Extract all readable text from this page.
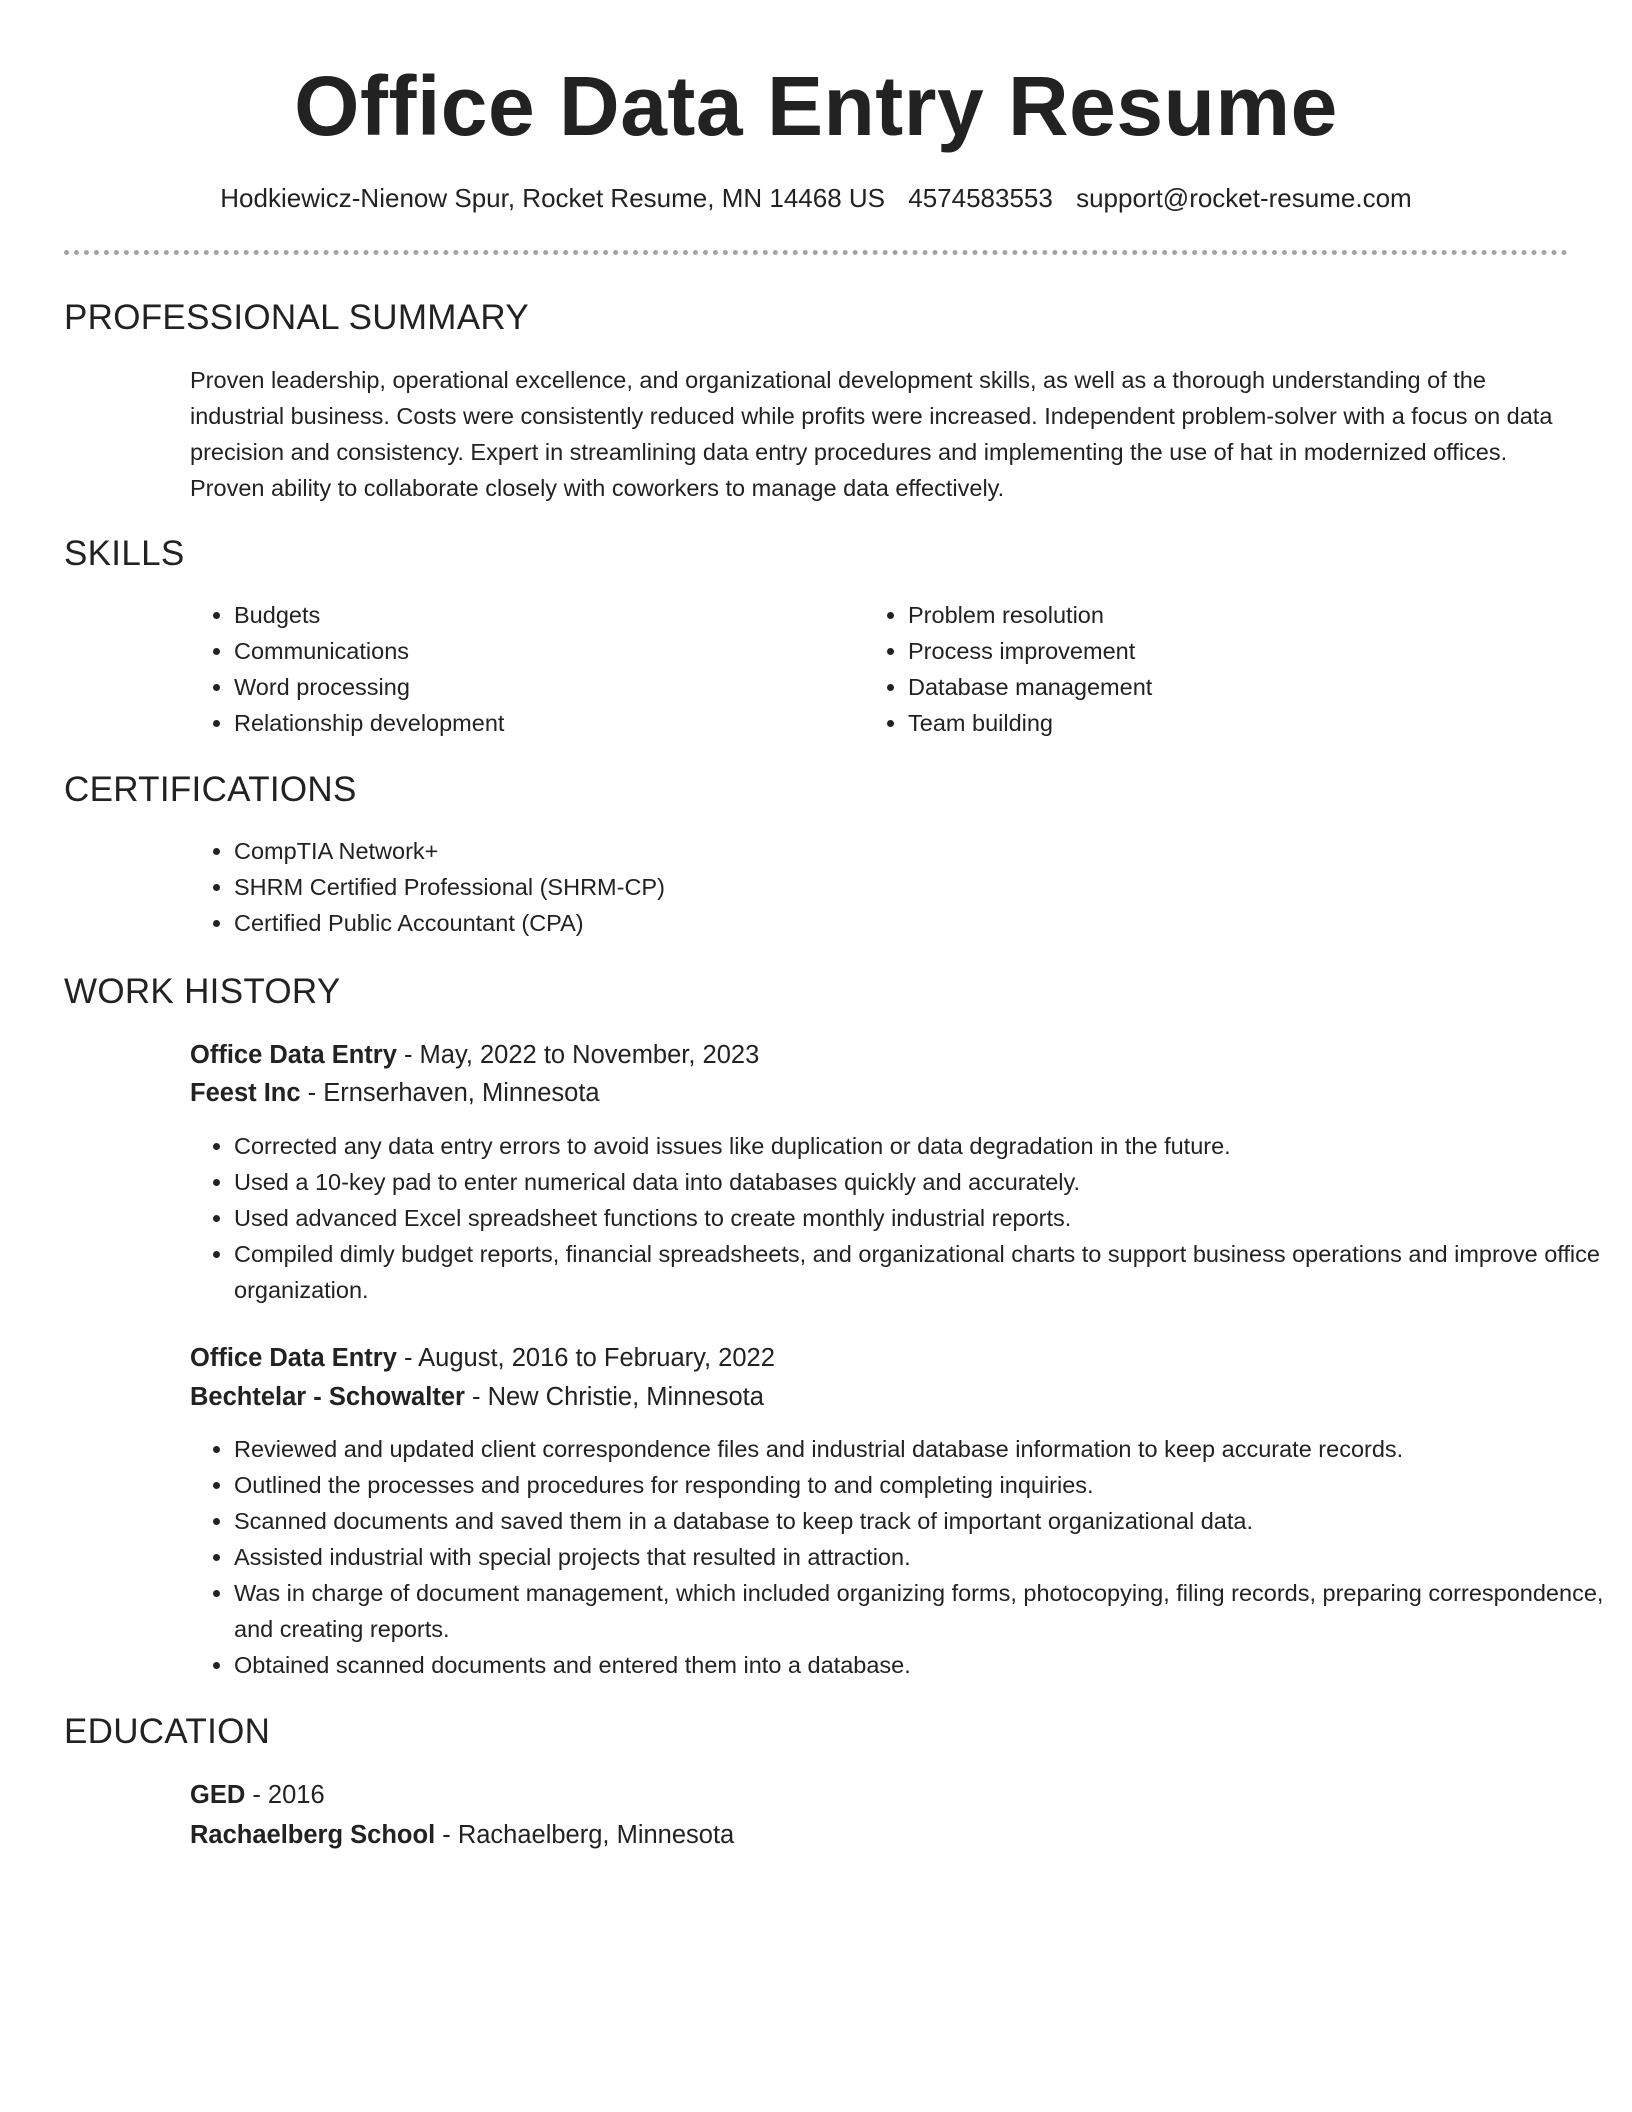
Office Data Entry Resume
Hodkiewicz-Nienow Spur, Rocket Resume, MN 14468 US 4574583553 support@rocket-resume.com
PROFESSIONAL SUMMARY
Proven leadership, operational excellence, and organizational development skills, as well as a thorough understanding of the industrial business. Costs were consistently reduced while profits were increased. Independent problem-solver with a focus on data precision and consistency. Expert in streamlining data entry procedures and implementing the use of hat in modernized offices. Proven ability to collaborate closely with coworkers to manage data effectively.
SKILLS
• Budgets
• Communications
• Word processing
• Relationship development
• Problem resolution
• Process improvement
• Database management
• Team building
CERTIFICATIONS
• CompTIA Network+
• SHRM Certified Professional (SHRM-CP)
• Certified Public Accountant (CPA)
WORK HISTORY
Office Data Entry - May, 2022 to November, 2023
Feest Inc - Ernserhaven, Minnesota
• Corrected any data entry errors to avoid issues like duplication or data degradation in the future.
• Used a 10-key pad to enter numerical data into databases quickly and accurately.
• Used advanced Excel spreadsheet functions to create monthly industrial reports.
• Compiled dimly budget reports, financial spreadsheets, and organizational charts to support business operations and improve office organization.
Office Data Entry - August, 2016 to February, 2022
Bechtelar - Schowalter - New Christie, Minnesota
• Reviewed and updated client correspondence files and industrial database information to keep accurate records.
• Outlined the processes and procedures for responding to and completing inquiries.
• Scanned documents and saved them in a database to keep track of important organizational data.
• Assisted industrial with special projects that resulted in attraction.
• Was in charge of document management, which included organizing forms, photocopying, filing records, preparing correspondence, and creating reports.
• Obtained scanned documents and entered them into a database.
EDUCATION
GED - 2016
Rachaelberg School - Rachaelberg, Minnesota
